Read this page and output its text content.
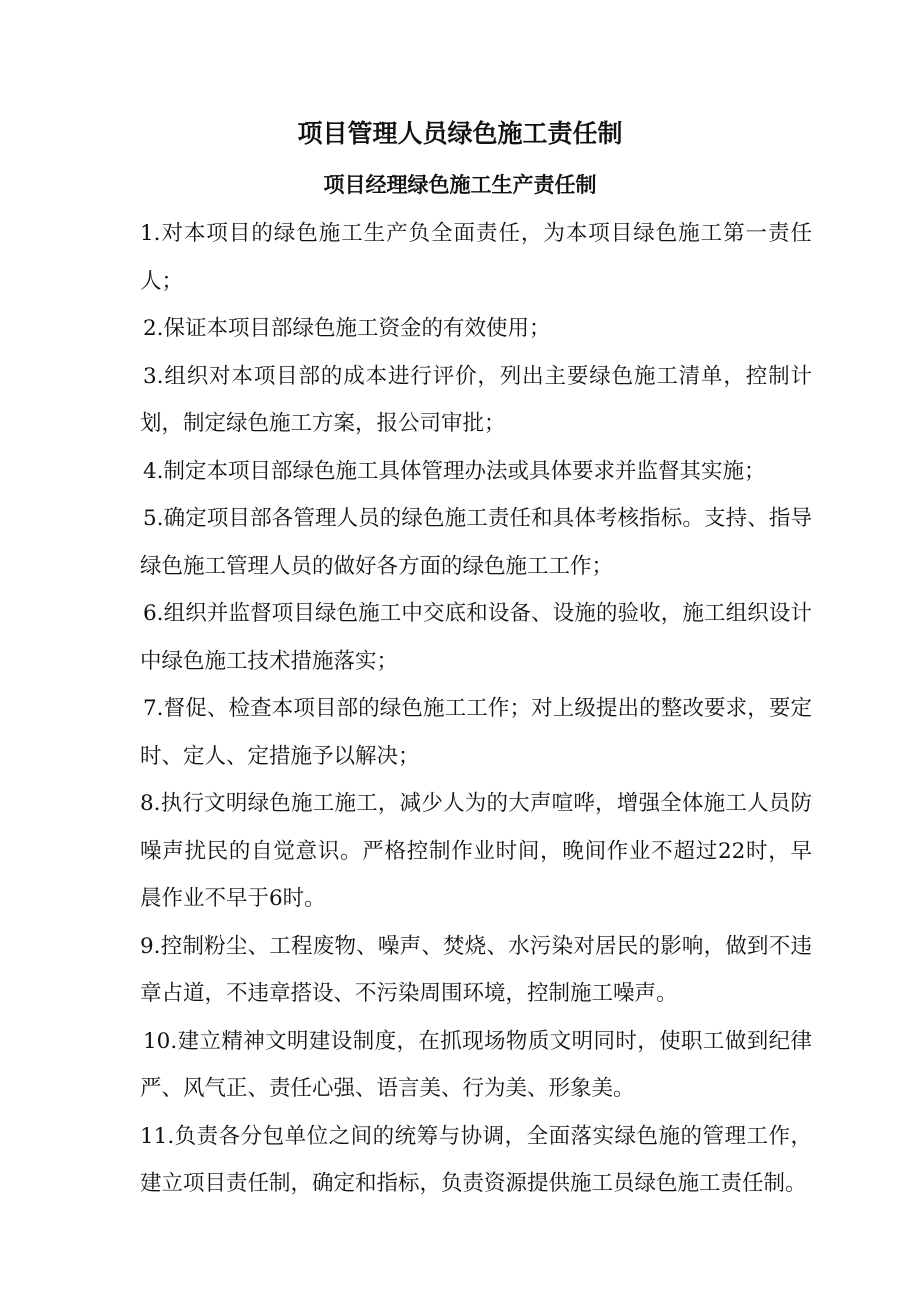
项目管理人员绿色施工责任制
项目经理绿色施工生产责任制
1.对本项目的绿色施工生产负全面责任，为本项目绿色施工第一责任人；
2.保证本项目部绿色施工资金的有效使用；
3.组织对本项目部的成本进行评价，列出主要绿色施工清单，控制计划，制定绿色施工方案，报公司审批；
4.制定本项目部绿色施工具体管理办法或具体要求并监督其实施；
5.确定项目部各管理人员的绿色施工责任和具体考核指标。支持、指导绿色施工管理人员的做好各方面的绿色施工工作；
6.组织并监督项目绿色施工中交底和设备、设施的验收，施工组织设计中绿色施工技术措施落实；
7.督促、检查本项目部的绿色施工工作；对上级提出的整改要求，要定时、定人、定措施予以解决；
8.执行文明绿色施工施工，减少人为的大声喧哗，增强全体施工人员防噪声扰民的自觉意识。严格控制作业时间，晚间作业不超过22时，早晨作业不早于6时。
9.控制粉尘、工程废物、噪声、焚烧、水污染对居民的影响，做到不违章占道，不违章搭设、不污染周围环境，控制施工噪声。
10.建立精神文明建设制度，在抓现场物质文明同时，使职工做到纪律严、风气正、责任心强、语言美、行为美、形象美。
11.负责各分包单位之间的统筹与协调，全面落实绿色施的管理工作，建立项目责任制，确定和指标，负责资源提供施工员绿色施工责任制。
